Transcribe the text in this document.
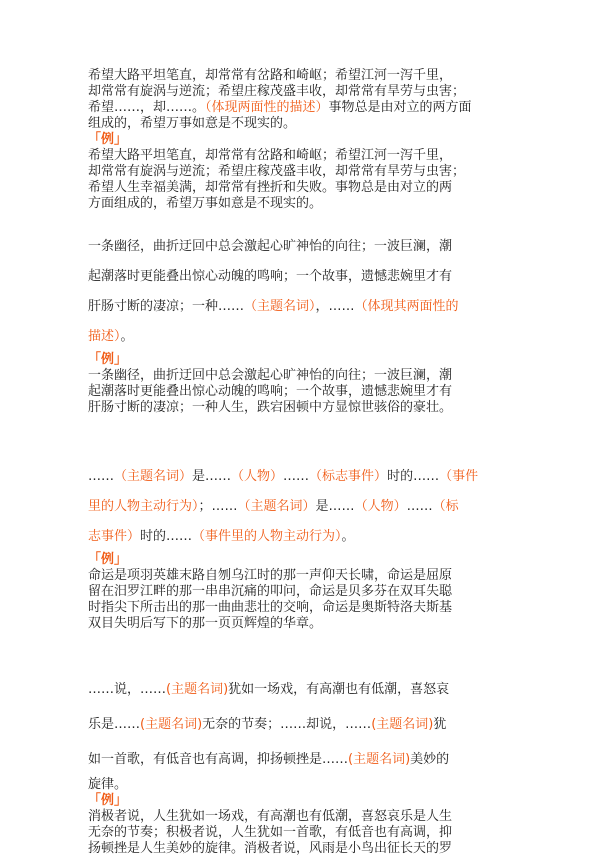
希望大路平坦笔直，却常常有岔路和崎岖；希望江河一泻千里，
却常常有旋涡与逆流；希望庄稼茂盛丰收，却常常有旱劳与虫害；
希望……，却……。（体现两面性的描述）事物总是由对立的两方面
组成的，希望万事如意是不现实的。
「例」
希望大路平坦笔直，却常常有岔路和崎岖；希望江河一泻千里，
却常常有旋涡与逆流；希望庄稼茂盛丰收，却常常有旱劳与虫害；
希望人生幸福美满，却常常有挫折和失败。事物总是由对立的两
方面组成的，希望万事如意是不现实的。
一条幽径，曲折迂回中总会激起心旷神怡的向往；一波巨澜，潮
起潮落时更能叠出惊心动魄的鸣响；一个故事，遗憾悲婉里才有
肝肠寸断的凄凉；一种……（主题名词），……（体现其两面性的
描述）。
「例」
一条幽径，曲折迂回中总会激起心旷神怡的向往；一波巨澜，潮
起潮落时更能叠出惊心动魄的鸣响；一个故事，遗憾悲婉里才有
肝肠寸断的凄凉；一种人生，跌宕困顿中方显惊世骇俗的豪壮。
……（主题名词）是……（人物）……（标志事件）时的……（事件
里的人物主动行为）；……（主题名词）是……（人物）……（标
志事件）时的……（事件里的人物主动行为）。
「例」
命运是项羽英雄末路自刎乌江时的那一声仰天长啸，命运是屈原
留在汨罗江畔的那一串串沉痛的叩问，命运是贝多芬在双耳失聪
时指尖下所击出的那一曲曲悲壮的交响，命运是奥斯特洛夫斯基
双目失明后写下的那一页页辉煌的华章。
……说，……(主题名词)犹如一场戏，有高潮也有低潮，喜怒哀
乐是……(主题名词)无奈的节奏；……却说，……(主题名词)犹
如一首歌，有低音也有高调，抑扬顿挫是……(主题名词)美妙的
旋律。
「例」
消极者说，人生犹如一场戏，有高潮也有低潮，喜怒哀乐是人生
无奈的节奏；积极者说，人生犹如一首歌，有低音也有高调，抑
扬顿挫是人生美妙的旋律。消极者说，风雨是小鸟出征长天的罗
